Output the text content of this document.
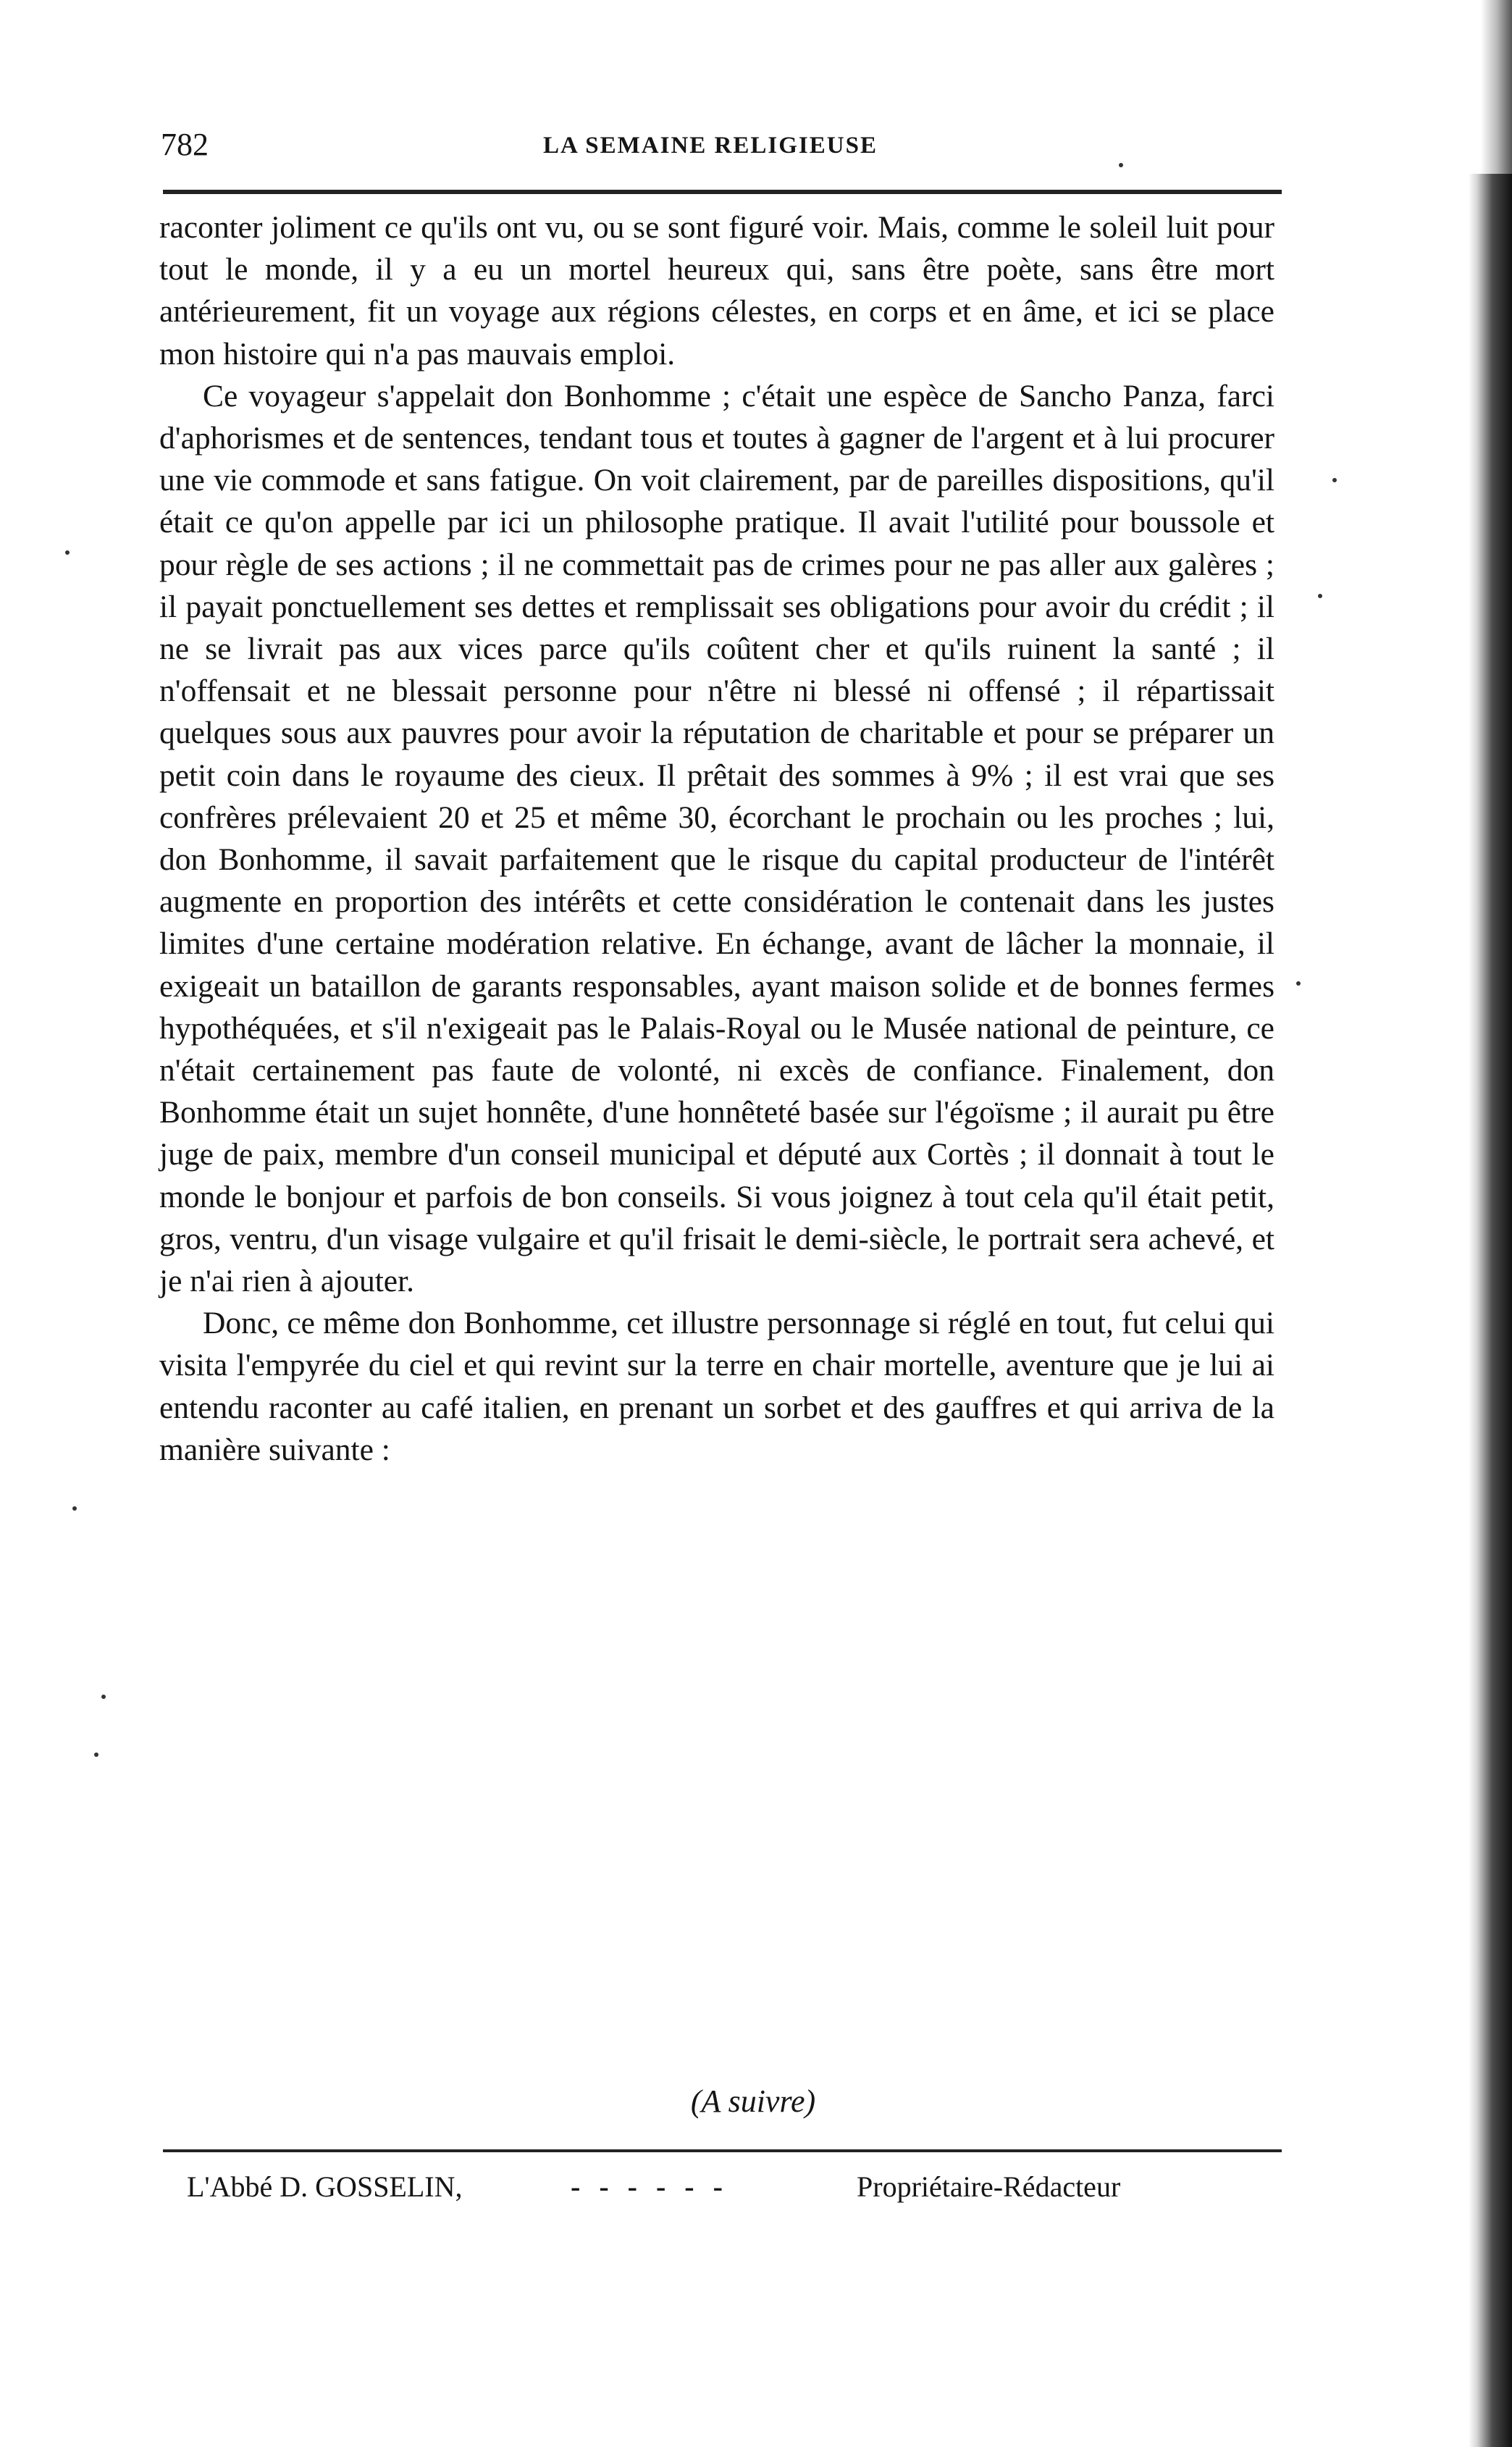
782	LA SEMAINE RELIGIEUSE

raconter joliment ce qu'ils ont vu, ou se sont figuré voir. Mais, comme le soleil luit pour tout le monde, il y a eu un mortel heureux qui, sans être poète, sans être mort antérieurement, fit un voyage aux régions célestes, en corps et en âme, et ici se place mon histoire qui n'a pas mauvais emploi.

Ce voyageur s'appelait don Bonhomme ; c'était une espèce de Sancho Panza, farci d'aphorismes et de sentences, tendant tous et toutes à gagner de l'argent et à lui procurer une vie commode et sans fatigue. On voit clairement, par de pareilles dispositions, qu'il était ce qu'on appelle par ici un philosophe pratique. Il avait l'utilité pour boussole et pour règle de ses actions ; il ne commettait pas de crimes pour ne pas aller aux galères ; il payait ponctuellement ses dettes et remplissait ses obligations pour avoir du crédit ; il ne se livrait pas aux vices parce qu'ils coûtent cher et qu'ils ruinent la santé ; il n'offensait et ne blessait personne pour n'être ni blessé ni offensé ; il répartissait quelques sous aux pauvres pour avoir la réputation de charitable et pour se préparer un petit coin dans le royaume des cieux. Il prêtait des sommes à 9% ; il est vrai que ses confrères prélevaient 20 et 25 et même 30, écorchant le prochain ou les proches ; lui, don Bonhomme, il savait parfaitement que le risque du capital producteur de l'intérêt augmente en proportion des intérêts et cette considération le contenait dans les justes limites d'une certaine modération relative. En échange, avant de lâcher la monnaie, il exigeait un bataillon de garants responsables, ayant maison solide et de bonnes fermes hypothéquées, et s'il n'exigeait pas le Palais-Royal ou le Musée national de peinture, ce n'était certainement pas faute de volonté, ni excès de confiance. Finalement, don Bonhomme était un sujet honnête, d'une honnêteté basée sur l'égoïsme ; il aurait pu être juge de paix, membre d'un conseil municipal et député aux Cortès ; il donnait à tout le monde le bonjour et parfois de bon conseils. Si vous joignez à tout cela qu'il était petit, gros, ventru, d'un visage vulgaire et qu'il frisait le demi-siècle, le portrait sera achevé, et je n'ai rien à ajouter.

Donc, ce même don Bonhomme, cet illustre personnage si réglé en tout, fut celui qui visita l'empyrée du ciel et qui revint sur la terre en chair mortelle, aventure que je lui ai entendu raconter au café italien, en prenant un sorbet et des gauffres et qui arriva de la manière suivante :

(A suivre)
L'Abbé D. GOSSELIN,	- - - - - -	Propriétaire-Rédacteur
